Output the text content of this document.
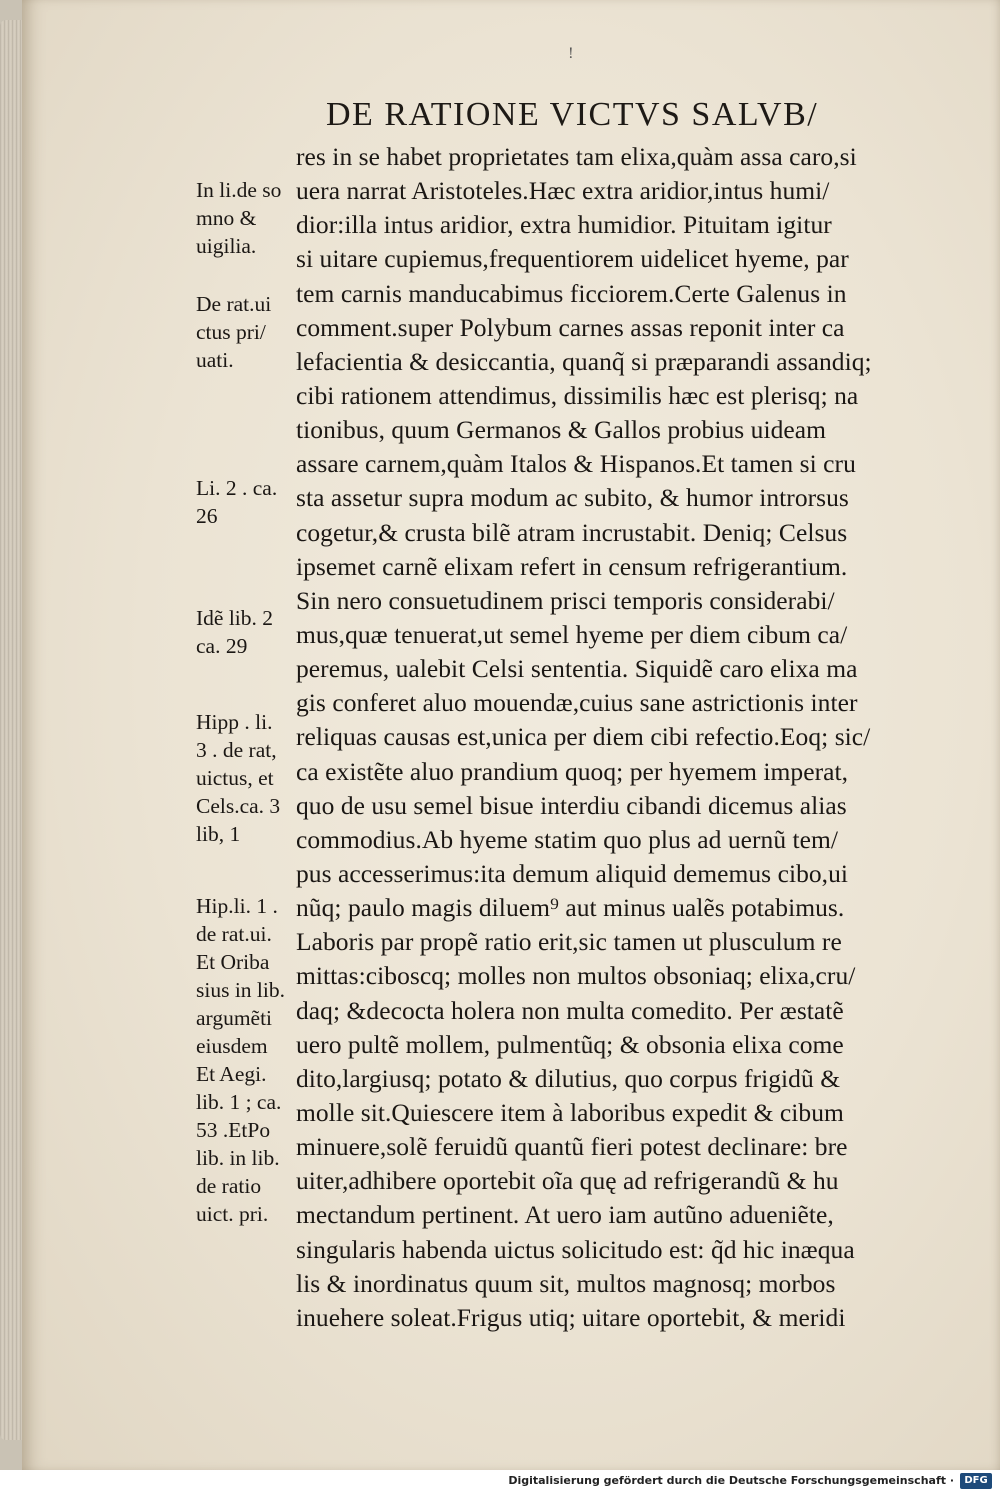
!
DE RATIONE VICTVS SALVB/
res in se habet proprietates tam elixa,quàm assa caro,si
uera narrat Aristoteles.Hæc extra aridior,intus humi/
dior:illa intus aridior, extra humidior. Pituitam igitur
si uitare cupiemus,frequentiorem uidelicet hyeme, par
tem carnis manducabimus ficciorem.Certe Galenus in
comment.super Polybum carnes assas reponit inter ca
lefacientia & desiccantia, quanq̃ si præparandi assandiq;
cibi rationem attendimus, dissimilis hæc est plerisq; na
tionibus, quum Germanos & Gallos probius uideam
assare carnem,quàm Italos & Hispanos.Et tamen si cru
sta assetur supra modum ac subito, & humor introrsus
cogetur,& crusta bilẽ atram incrustabit. Deniq; Celsus
ipsemet carnẽ elixam refert in censum refrigerantium.
Sin nero consuetudinem prisci temporis considerabi/
mus,quæ tenuerat,ut semel hyeme per diem cibum ca/
peremus, ualebit Celsi sententia. Siquidẽ caro elixa ma
gis conferet aluo mouendæ,cuius sane astrictionis inter
reliquas causas est,unica per diem cibi refectio.Eoq; sic/
ca existẽte aluo prandium quoq; per hyemem imperat,
quo de usu semel bisue interdiu cibandi dicemus alias
commodius.Ab hyeme statim quo plus ad uernũ tem/
pus accesserimus:ita demum aliquid dememus cibo,ui
nũq; paulo magis diluem⁹ aut minus ualẽs potabimus.
Laboris par propẽ ratio erit,sic tamen ut plusculum re
mittas:ciboscq; molles non multos obsoniaq; elixa,cru/
daq; &decocta holera non multa comedito. Per æstatẽ
uero pultẽ mollem, pulmentũq; & obsonia elixa come
dito,largiusq; potato & dilutius, quo corpus frigidũ &
molle sit.Quiescere item à laboribus expedit & cibum
minuere,solẽ feruidũ quantũ fieri potest declinare: bre
uiter,adhibere oportebit oĩa quę ad refrigerandũ & hu
mectandum pertinent. At uero iam autũno adueniẽte,
singularis habenda uictus solicitudo est: q̃d hic inæqua
lis & inordinatus quum sit, multos magnosq; morbos
inuehere soleat.Frigus utiq; uitare oportebit, & meridi
In li.de so
mno &
uigilia.
De rat.ui
ctus pri/
uati.
Li. 2 . ca.
26
Idẽ lib. 2
ca. 29
Hipp . li.
3 . de rat,
uictus, et
Cels.ca. 3
lib, 1
Hip.li. 1 .
de rat.ui.
Et Oriba
sius in lib.
argumẽti
eiusdem
Et Aegi.
lib. 1 ; ca.
53 .EtPo
lib. in lib.
de ratio
uict. pri.
Digitalisierung gefördert durch die Deutsche Forschungsgemeinschaft ·	DFG
